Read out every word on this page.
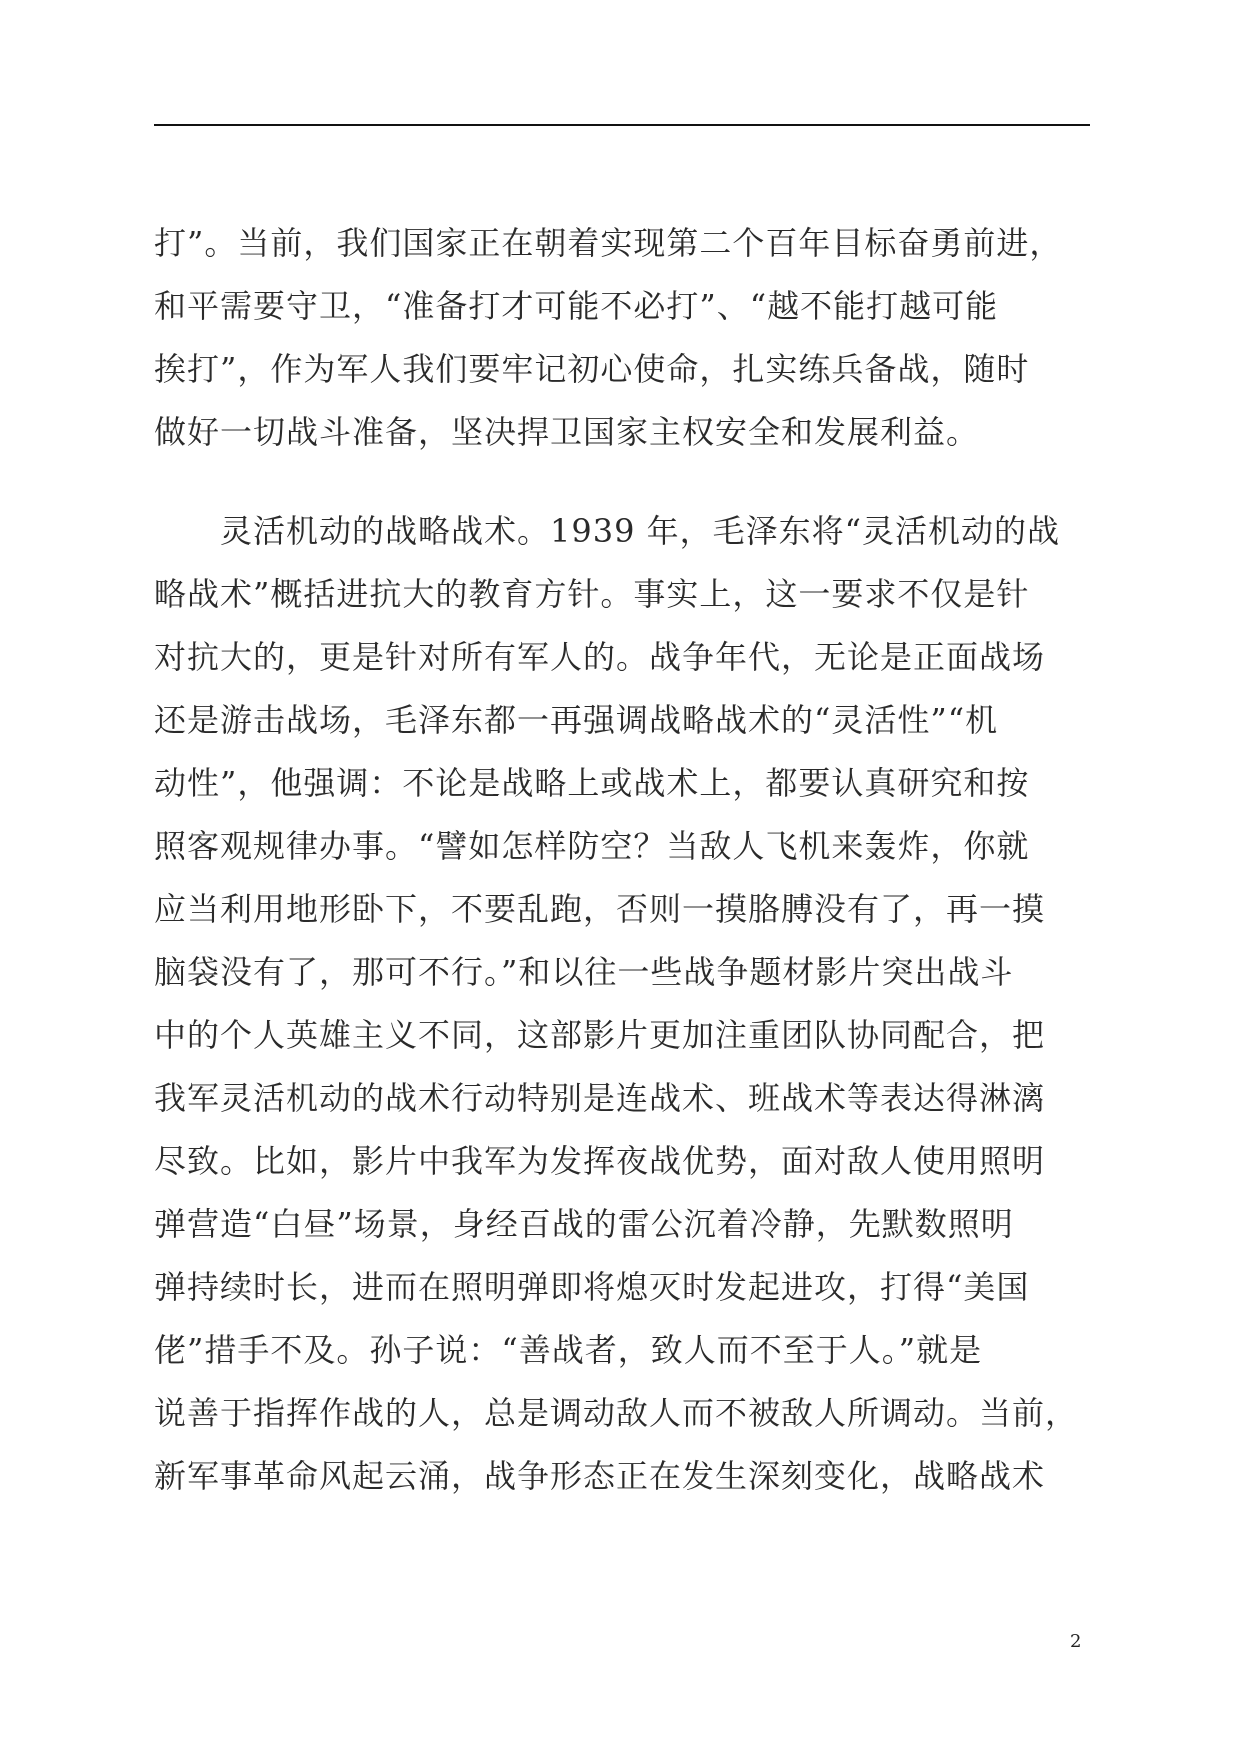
打”。当前，我们国家正在朝着实现第二个百年目标奋勇前进，
和平需要守卫，“准备打才可能不必打”、“越不能打越可能
挨打”，作为军人我们要牢记初心使命，扎实练兵备战，随时
做好一切战斗准备，坚决捍卫国家主权安全和发展利益。
　　灵活机动的战略战术。1939 年，毛泽东将“灵活机动的战
略战术”概括进抗大的教育方针。事实上，这一要求不仅是针
对抗大的，更是针对所有军人的。战争年代，无论是正面战场
还是游击战场，毛泽东都一再强调战略战术的“灵活性”“机
动性”，他强调：不论是战略上或战术上，都要认真研究和按
照客观规律办事。“譬如怎样防空？当敌人飞机来轰炸，你就
应当利用地形卧下，不要乱跑，否则一摸胳膊没有了，再一摸
脑袋没有了，那可不行。”和以往一些战争题材影片突出战斗
中的个人英雄主义不同，这部影片更加注重团队协同配合，把
我军灵活机动的战术行动特别是连战术、班战术等表达得淋漓
尽致。比如，影片中我军为发挥夜战优势，面对敌人使用照明
弹营造“白昼”场景，身经百战的雷公沉着冷静，先默数照明
弹持续时长，进而在照明弹即将熄灭时发起进攻，打得“美国
佬”措手不及。孙子说：“善战者，致人而不至于人。”就是
说善于指挥作战的人，总是调动敌人而不被敌人所调动。当前，
新军事革命风起云涌，战争形态正在发生深刻变化，战略战术
2
